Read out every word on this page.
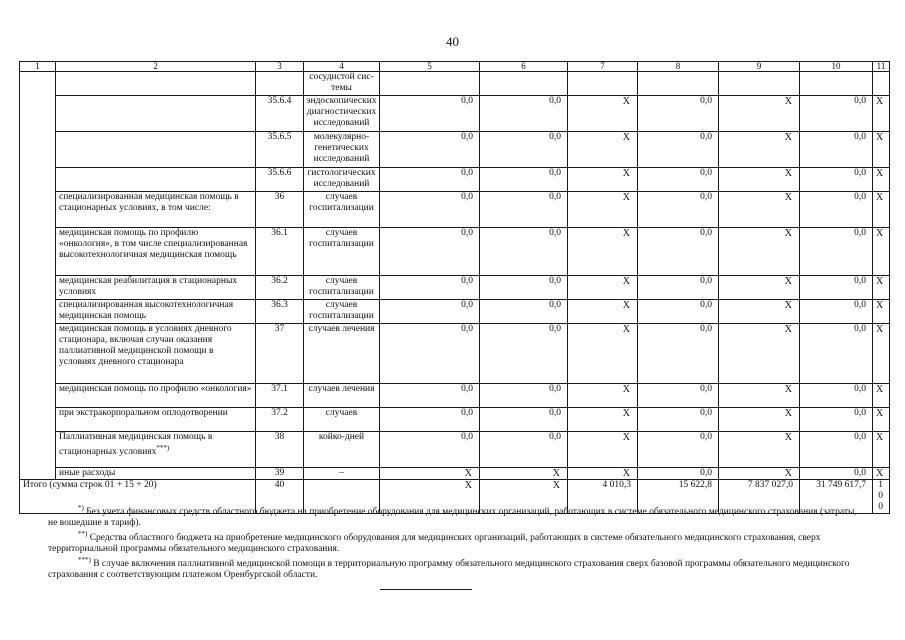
40
1	2	3	4	5	6	7	8	9	10	11
			сосудистой сис-темы							
		35.6.4	эндоскопических диагностических исследований	0,0	0,0	X	0,0	X	0,0	X
		35.6.5	молекулярно-генетических исследований	0,0	0,0	X	0,0	X	0,0	X
		35.6.6	гистологических исследований	0,0	0,0	X	0,0	X	0,0	X
	специализированная медицинская помощь в стационарных условиях, в том числе:	36	случаев госпитализации	0,0	0,0	X	0,0	X	0,0	X
	медицинская помощь по профилю «онкология», в том числе специализированная высокотехнологичная медицинская помощь	36.1	случаев госпитализации	0,0	0,0	X	0,0	X	0,0	X
	медицинская реабилитация в стационарных условиях	36.2	случаев госпитализации	0,0	0,0	X	0,0	X	0,0	X
	специализированная высокотехнологичная медицинская помощь	36.3	случаев госпитализации	0,0	0,0	X	0,0	X	0,0	X
	медицинская помощь в условиях дневного стационара, включая случаи оказания паллиативной медицинской помощи в условиях дневного стационара	37	случаев лечения	0,0	0,0	X	0,0	X	0,0	X
	медицинская помощь по профилю «онкология»	37.1	случаев лечения	0,0	0,0	X	0,0	X	0,0	X
	при экстракорпоральном оплодотворении	37.2	случаев	0,0	0,0	X	0,0	X	0,0	X
	Паллиативная медицинская помощь в стационарных условиях***)	38	койко-дней	0,0	0,0	X	0,0	X	0,0	X
	иные расходы	39	–	X	X	X	0,0	X	0,0	X
Итого (сумма строк 01 + 15 + 20)		40		X	X	4 010,3	15 622,8	7 837 027,0	31 749 617,7	100

*) Без учета финансовых средств областного бюджета на приобретение оборудования для медицинских организаций, работающих в системе обязательного медицинского страхования (затраты, не вошедшие в тариф).

**) Средства областного бюджета на приобретение медицинского оборудования для медицинских организаций, работающих в системе обязательного медицинского страхования, сверх территориальной программы обязательного медицинского страхования.

***) В случае включения паллиативной медицинской помощи в территориальную программу обязательного медицинского страхования сверх базовой программы обязательного медицинского страхования с соответствующим платежом Оренбургской области.
